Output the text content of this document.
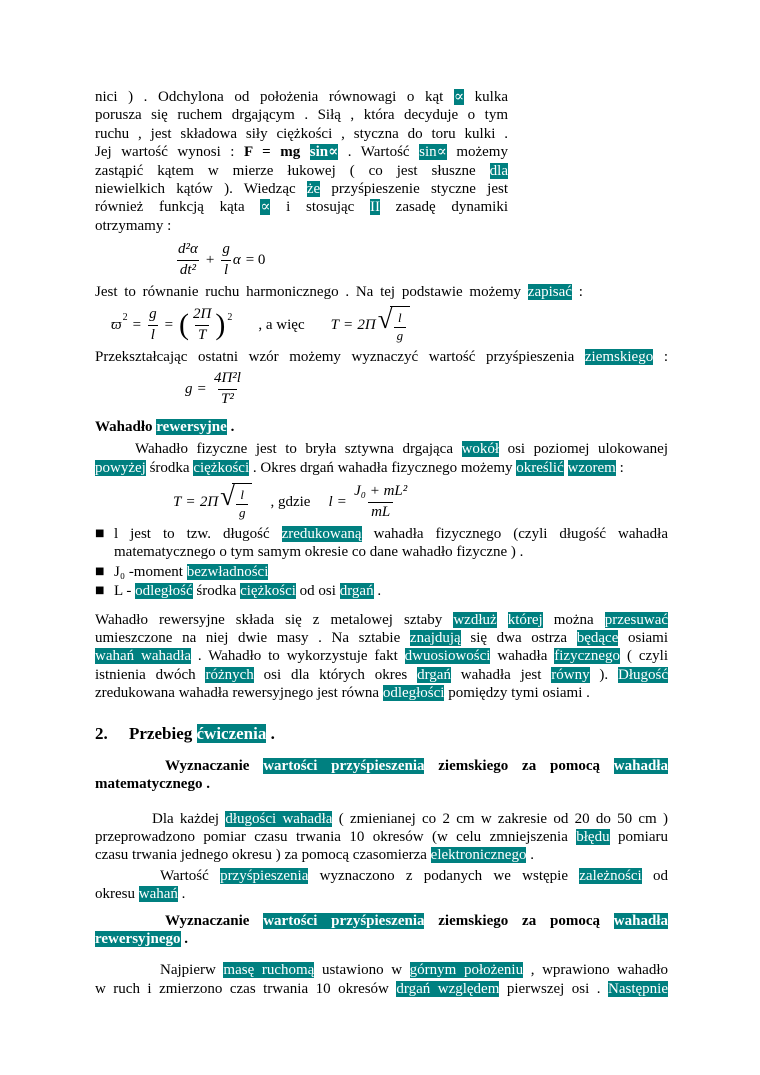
nici ) . Odchylona od położenia równowagi o kąt ∝ kulka
porusza się ruchem drgającym . Siłą , która decyduje o tym
ruchu , jest składowa siły ciężkości , styczna do toru kulki .
Jej wartość wynosi : F = mg sin∝ . Wartość sin∝ możemy
zastąpić kątem w mierze łukowej ( co jest słuszne dla
niewielkich kątów ). Wiedząc że przyśpieszenie styczne jest
również funkcją kąta ∝ i stosując II zasadę dynamiki
otrzymamy :
$\frac{\text{d²α}}{\text{dt²}} + \frac{g}{l}$ α = 0
Jest to równanie ruchu harmonicznego . Na tej podstawie możemy zapisać :
$ϖ^2 = \frac{g}{l}$ = ( $\frac{2\Pi}{T} )^2$ , a więc T = 2Π √ $\frac{l}{g}$
Przekształcając ostatni wzór możemy wyznaczyć wartość przyśpieszenia ziemskiego :
$g = \frac{\text{4Π²l}}{\text{T²}}$
Wahadło rewersyjne .
Wahadło fizyczne jest to bryła sztywna drgająca wokół osi poziomej ulokowanej
powyżej środka ciężkości . Okres drgań wahadła fizycznego możemy określić wzorem :
T = 2Π √ $\frac{l}{g}$ , gdzie $l = \frac{\text{J₀ + mL²}}{mL}$
■ l jest to tzw. długość zredukowaną wahadła fizycznego (czyli długość wahadła
matematycznego o tym samym okresie co dane wahadło fizyczne ) .
■ J₀ -moment bezwładności
■ L - odległość środka ciężkości od osi drgań .
Wahadło rewersyjne składa się z metalowej sztaby wzdłuż której można przesuwać
umieszczone na niej dwie masy . Na sztabie znajdują się dwa ostrza będące osiami
wahań wahadła . Wahadło to wykorzystuje fakt dwuosiowości wahadła fizycznego ( czyli
istnienia dwóch różnych osi dla których okres drgań wahadła jest równy ). Długość
zredukowana wahadła rewersyjnego jest równa odległości pomiędzy tymi osiami .
2. Przebieg ćwiczenia .
Wyznaczanie wartości przyśpieszenia ziemskiego za pomocą wahadła
matematycznego .
Dla każdej długości wahadła ( zmienianej co 2 cm w zakresie od 20 do 50 cm )
przeprowadzono pomiar czasu trwania 10 okresów (w celu zmniejszenia błędu pomiaru
czasu trwania jednego okresu ) za pomocą czasomierza elektronicznego .
Wartość przyśpieszenia wyznaczono z podanych we wstępie zależności od
okresu wahań .
Wyznaczanie wartości przyśpieszenia ziemskiego za pomocą wahadła
rewersyjnego .
Najpierw masę ruchomą ustawiono w górnym położeniu , wprawiono wahadło
w ruch i zmierzono czas trwania 10 okresów drgań względem pierwszej osi . Następnie
